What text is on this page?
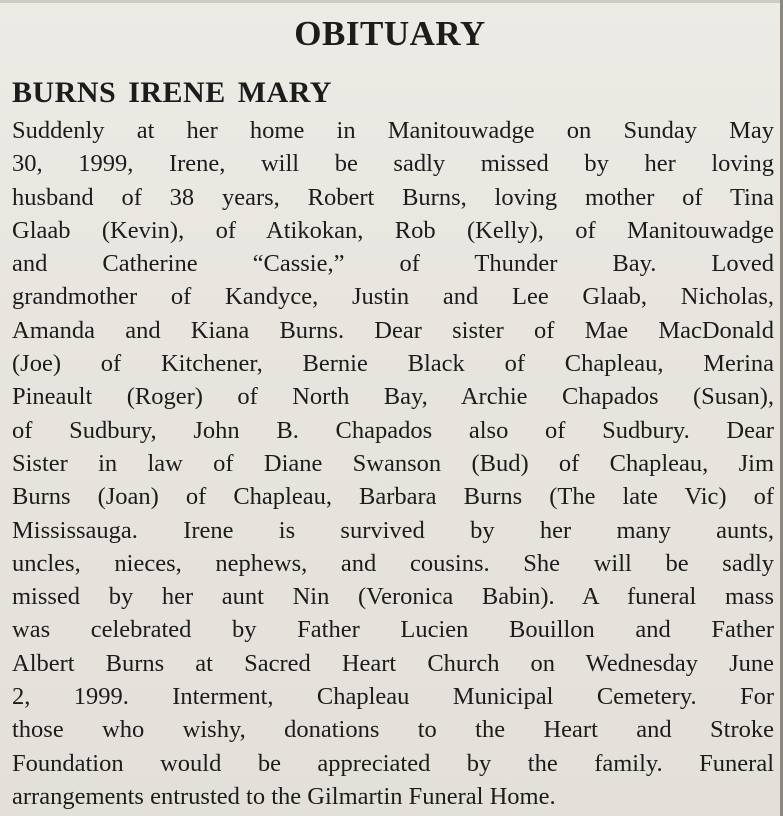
OBITUARY
BURNS IRENE MARY
Suddenly at her home in Manitouwadge on Sunday May
30, 1999, Irene, will be sadly missed by her loving
husband of 38 years, Robert Burns, loving mother of Tina
Glaab (Kevin), of Atikokan, Rob (Kelly), of Manitouwadge
and Catherine “Cassie,” of Thunder Bay. Loved
grandmother of Kandyce, Justin and Lee Glaab, Nicholas,
Amanda and Kiana Burns. Dear sister of Mae MacDonald
(Joe) of Kitchener, Bernie Black of Chapleau, Merina
Pineault (Roger) of North Bay, Archie Chapados (Susan),
of Sudbury, John B. Chapados also of Sudbury. Dear
Sister in law of Diane Swanson (Bud) of Chapleau, Jim
Burns (Joan) of Chapleau, Barbara Burns (The late Vic) of
Mississauga. Irene is survived by her many aunts,
uncles, nieces, nephews, and cousins. She will be sadly
missed by her aunt Nin (Veronica Babin). A funeral mass
was celebrated by Father Lucien Bouillon and Father
Albert Burns at Sacred Heart Church on Wednesday June
2, 1999. Interment, Chapleau Municipal Cemetery. For
those who wishy, donations to the Heart and Stroke
Foundation would be appreciated by the family. Funeral
arrangements entrusted to the Gilmartin Funeral Home.
